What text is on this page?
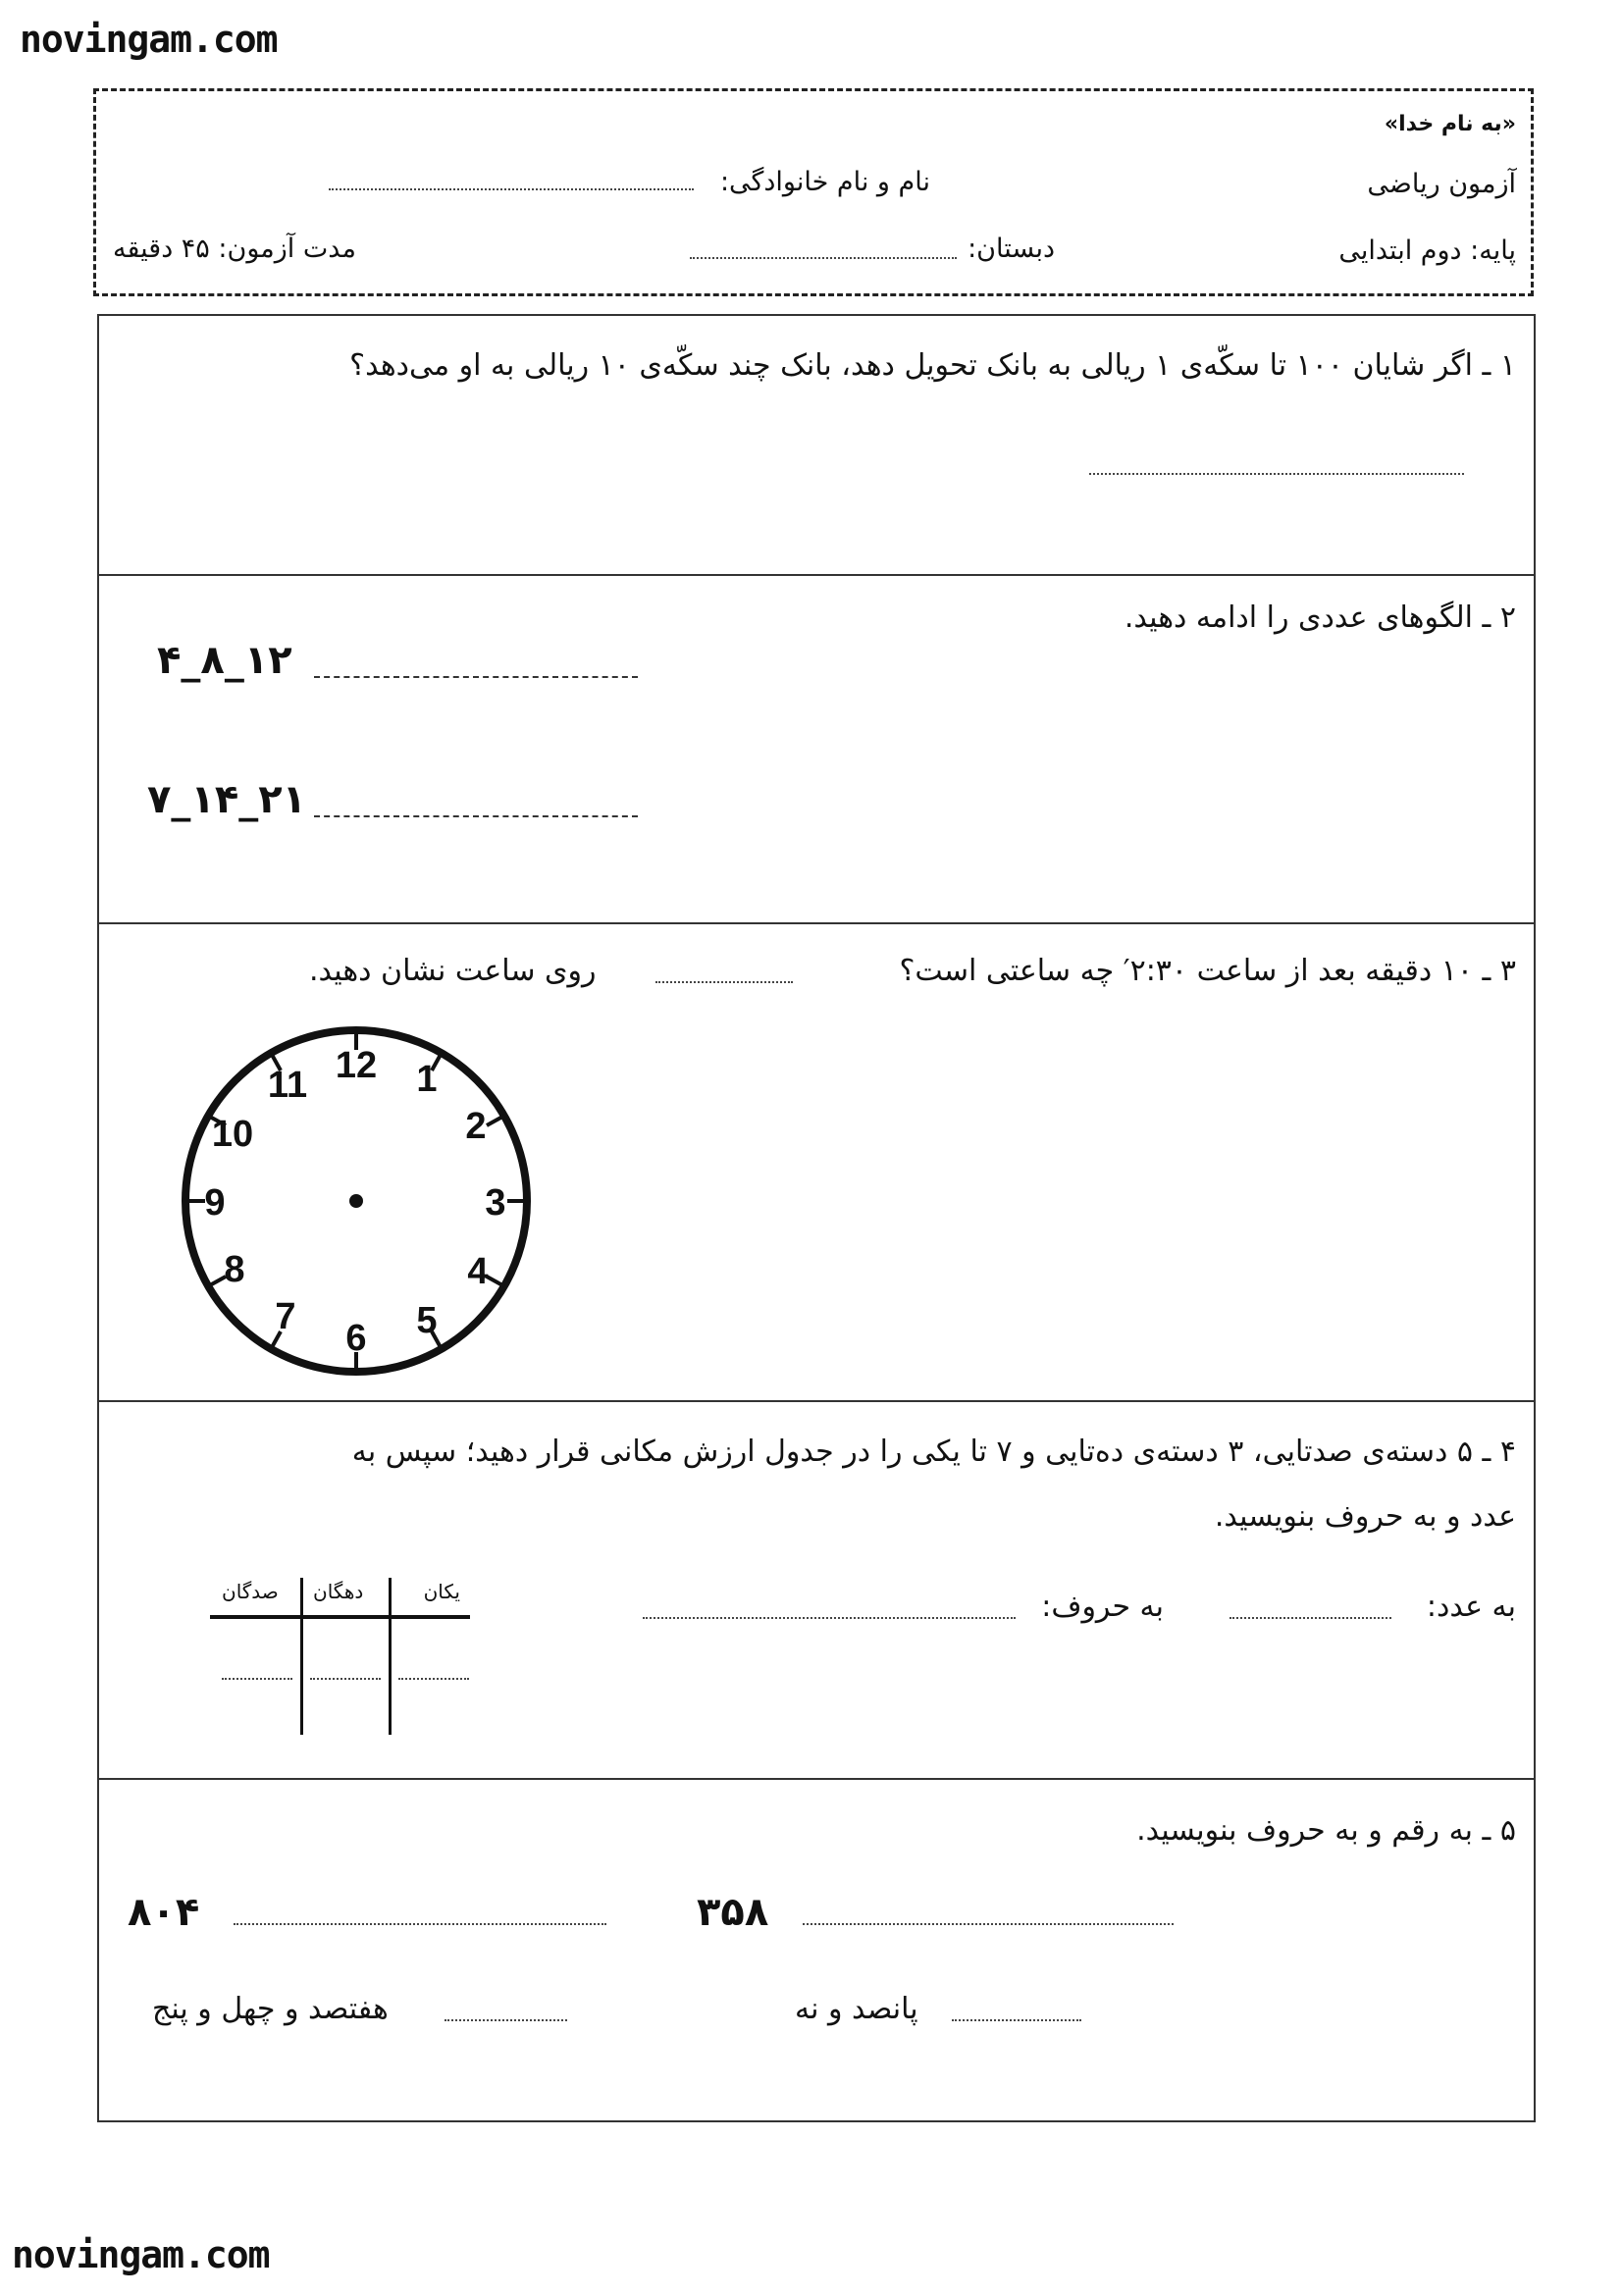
novingam.com
novingam.com
«به نام خدا»
آزمون ریاضی
نام و نام خانوادگی:
پایه: دوم ابتدایی
دبستان:
مدت آزمون: ۴۵ دقیقه
۱ ـ اگر شایان ۱۰۰ تا سکّه‌ی ۱ ریالی به بانک تحویل دهد، بانک چند سکّه‌ی ۱۰ ریالی به او می‌دهد؟
۲ ـ الگوهای عددی را ادامه دهید.
۴_۸_۱۲
۷_۱۴_۲۱
۳ ـ ۱۰ دقیقه بعد از ساعت ۲:۳۰′ چه ساعتی است؟
روی ساعت نشان دهید.
12 1
2
3
4
5
6
7
8
9
10
11
۴ ـ ۵ دسته‌ی صدتایی، ۳ دسته‌ی ده‌تایی و ۷ تا یکی را در جدول ارزش مکانی قرار دهید؛ سپس به
عدد و به حروف بنویسید.
به عدد:
به حروف:
یکان
دهگان
صدگان
۵ ـ به رقم و به حروف بنویسید.
۳۵۸
۸۰۴
پانصد و نه
هفتصد و چهل و پنج
